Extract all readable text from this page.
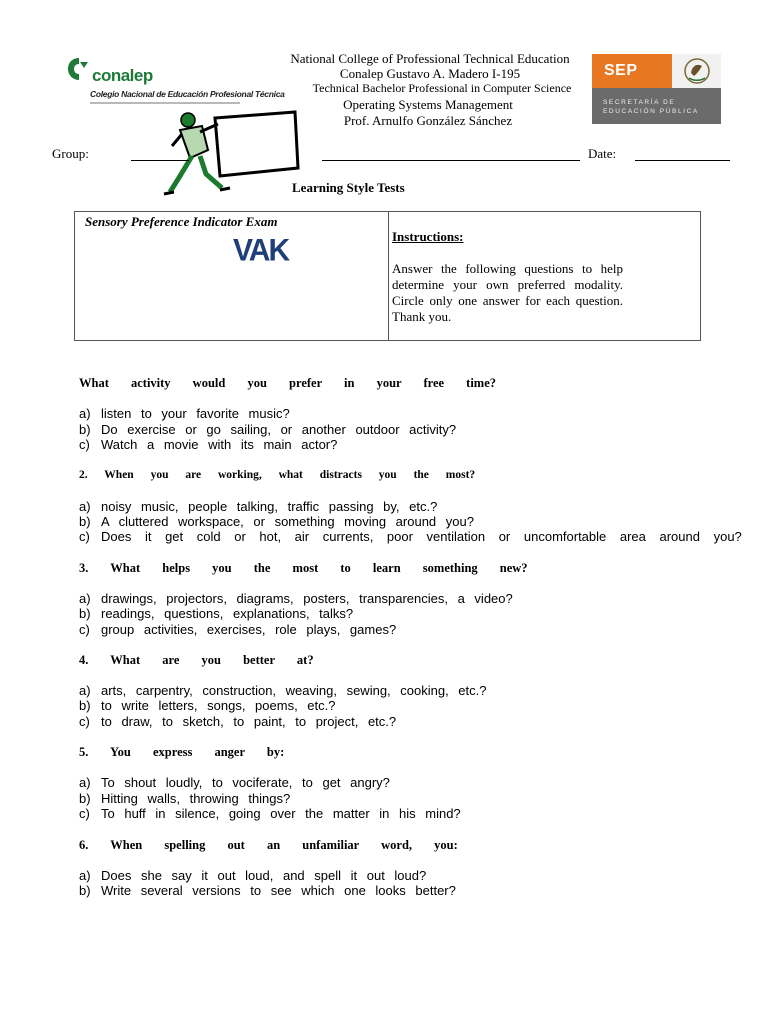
conalep
Colegio Nacional de Educación Profesional Técnica
SEP
SECRETARÍA DE
EDUCACIÓN PÚBLICA
National College of Professional Technical Education
Conalep Gustavo A. Madero I-195
Technical Bachelor Professional in Computer Science
Operating Systems Management
Prof. Arnulfo González Sánchez
Group:	Date:
Learning Style Tests
Sensory Preference Indicator Exam
VAK	Instructions:
Answer the following questions to help determine your own preferred modality. Circle only one answer for each question. Thank you.
What activity would you prefer in your free time?
a) listen to your favorite music?
b) Do exercise or go sailing, or another outdoor activity?
c) Watch a movie with its main actor?
2. When you are working, what distracts you the most?
a) noisy music, people talking, traffic passing by, etc.?
b) A cluttered workspace, or something moving around you?
c) Does it get cold or hot, air currents, poor ventilation or uncomfortable area around you?
3. What helps you the most to learn something new?
a) drawings, projectors, diagrams, posters, transparencies, a video?
b) readings, questions, explanations, talks?
c) group activities, exercises, role plays, games?
4. What are you better at?
a) arts, carpentry, construction, weaving, sewing, cooking, etc.?
b) to write letters, songs, poems, etc.?
c) to draw, to sketch, to paint, to project, etc.?
5. You express anger by:
a) To shout loudly, to vociferate, to get angry?
b) Hitting walls, throwing things?
c) To huff in silence, going over the matter in his mind?
6. When spelling out an unfamiliar word, you:
a) Does she say it out loud, and spell it out loud?
b) Write several versions to see which one looks better?
